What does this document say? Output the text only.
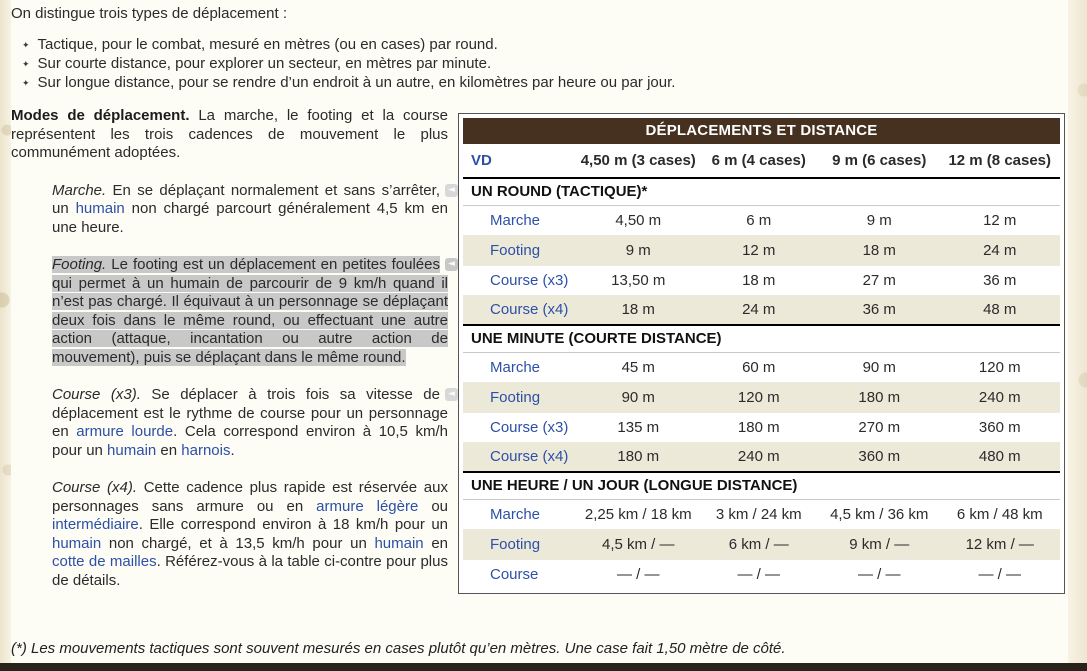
On distingue trois types de déplacement :

✦ Tactique, pour le combat, mesuré en mètres (ou en cases) par round.
✦ Sur courte distance, pour explorer un secteur, en mètres par minute.
✦ Sur longue distance, pour se rendre d’un endroit à un autre, en kilomètres par heure ou par jour.

Modes de déplacement. La marche, le footing et la course représentent les trois cadences de mouvement le plus communément adoptées.

◄
Marche. En se déplaçant normalement et sans s’arrêter, un humain non chargé parcourt généralement 4,5 km en une heure.

◄
Footing. Le footing est un déplacement en petites foulées qui permet à un humain de parcourir de 9 km/h quand il n’est pas chargé. Il équivaut à un personnage se déplaçant deux fois dans le même round, ou effectuant une autre action (attaque, incantation ou autre action de mouvement), puis se déplaçant dans le même round.

◄
Course (x3). Se déplacer à trois fois sa vitesse de déplacement est le rythme de course pour un personnage en armure lourde. Cela correspond environ à 10,5 km/h pour un humain en harnois.

Course (x4). Cette cadence plus rapide est réservée aux personnages sans armure ou en armure légère ou intermédiaire. Elle correspond environ à 18 km/h pour un humain non chargé, et à 13,5 km/h pour un humain en cotte de mailles. Référez-vous à la table ci-contre pour plus de détails.

DÉPLACEMENTS ET DISTANCE
VD	4,50 m (3 cases)	6 m (4 cases)	9 m (6 cases)	12 m (8 cases)
UN ROUND (TACTIQUE)*				
Marche	4,50 m	6 m	9 m	12 m
Footing	9 m	12 m	18 m	24 m
Course (x3)	13,50 m	18 m	27 m	36 m
Course (x4)	18 m	24 m	36 m	48 m
UNE MINUTE (COURTE DISTANCE)				
Marche	45 m	60 m	90 m	120 m
Footing	90 m	120 m	180 m	240 m
Course (x3)	135 m	180 m	270 m	360 m
Course (x4)	180 m	240 m	360 m	480 m
UNE HEURE / UN JOUR (LONGUE DISTANCE)				
Marche	2,25 km / 18 km	3 km / 24 km	4,5 km / 36 km	6 km / 48 km
Footing	4,5 km / —	6 km / —	9 km / —	12 km / —
Course	— / —	— / —	— / —	— / —

(*) Les mouvements tactiques sont souvent mesurés en cases plutôt qu’en mètres. Une case fait 1,50 mètre de côté.
